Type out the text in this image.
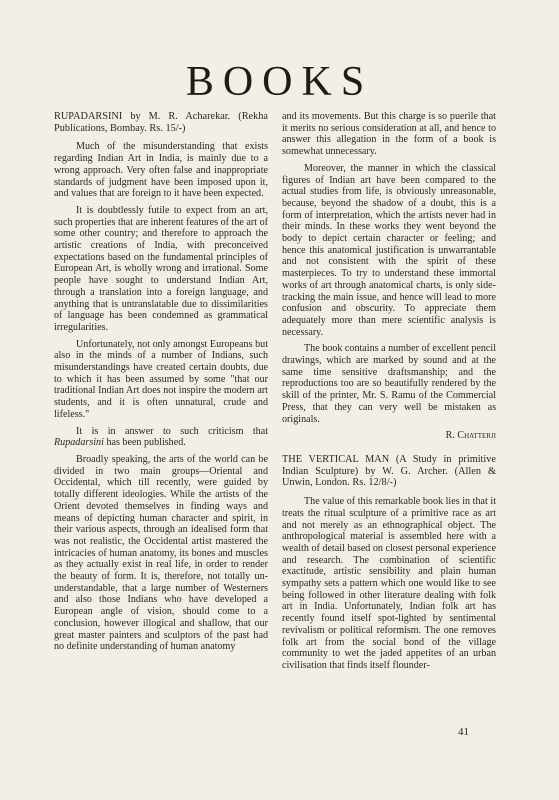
BOOKS

RUPADARSINI by M. R. Acharekar. (Rekha Publications, Bombay. Rs. 15/-)

Much of the misunderstanding that exists regarding Indian Art in India, is mainly due to a wrong approach. Very often false and inappropriate standards of judgment have been imposed upon it, and values that are foreign to it have been expected.

It is doubtlessly futile to expect from an art, such properties that are inherent features of the art of some other country; and therefore to approach the artistic creations of India, with preconceived expectations based on the fundamental principles of European Art, is wholly wrong and irrational. Some people have sought to understand Indian Art, through a translation into a foreign language, and anything that is untranslatable due to dissimilarities of language has been condemned as grammatical irregularities.

Unfortunately, not only amongst Europeans but also in the minds of a number of Indians, such misunderstandings have created certain doubts, due to which it has been assumed by some "that our traditional Indian Art does not inspire the modern art students, and it is often unnatural, crude and lifeless."

It is in answer to such criticism that Rupadarsini has been published.

Broadly speaking, the arts of the world can be divided in two main groups—Oriental and Occidental, which till recently, were guided by totally different ideologies. While the artists of the Orient devoted themselves in finding ways and means of depicting human character and spirit, in their various aspects, through an idealised form that was not realistic, the Occidental artist mastered the intricacies of human anatomy, its bones and muscles as they actually exist in real life, in order to render the beauty of form. It is, therefore, not totally un-understandable, that a large number of Westerners and also those Indians who have developed a European angle of vision, should come to a conclusion, however illogical and shallow, that our great master painters and sculptors of the past had no definite understanding of human anatomy

and its movements. But this charge is so puerile that it merits no serious consideration at all, and hence to answer this allegation in the form of a book is somewhat unnecessary.

Moreover, the manner in which the classical figures of Indian art have been compared to the actual studies from life, is obviously unreasonable, because, beyond the shadow of a doubt, this is a form of interpretation, which the artists never had in their minds. In these works they went beyond the body to depict certain character or feeling; and hence this anatomical justification is unwarrantable and not consistent with the spirit of these masterpieces. To try to understand these immortal works of art through anatomical charts, is only side-tracking the main issue, and hence will lead to more confusion and obscurity. To appreciate them adequately more than mere scientific analysis is necessary.

The book contains a number of excellent pencil drawings, which are marked by sound and at the same time sensitive draftsmanship; and the reproductions too are so beautifully rendered by the skill of the printer, Mr. S. Ramu of the Commercial Press, that they can very well be mistaken as originals.

R. Chatterji

THE VERTICAL MAN (A Study in primitive Indian Sculpture) by W. G. Archer. (Allen & Unwin, London. Rs. 12/8/-)

The value of this remarkable book lies in that it treats the ritual sculpture of a primitive race as art and not merely as an ethnographical object. The anthropological material is assembled here with a wealth of detail based on closest personal experience and research. The combination of scientific exactitude, artistic sensibility and plain human sympathy sets a pattern which one would like to see being followed in other literature dealing with folk art in India. Unfortunately, Indian folk art has recently found itself spot-lighted by sentimental revivalism or political reformism. The one removes folk art from the social bond of the village community to wet the jaded appetites of an urban civilisation that finds itself flounder-

41
